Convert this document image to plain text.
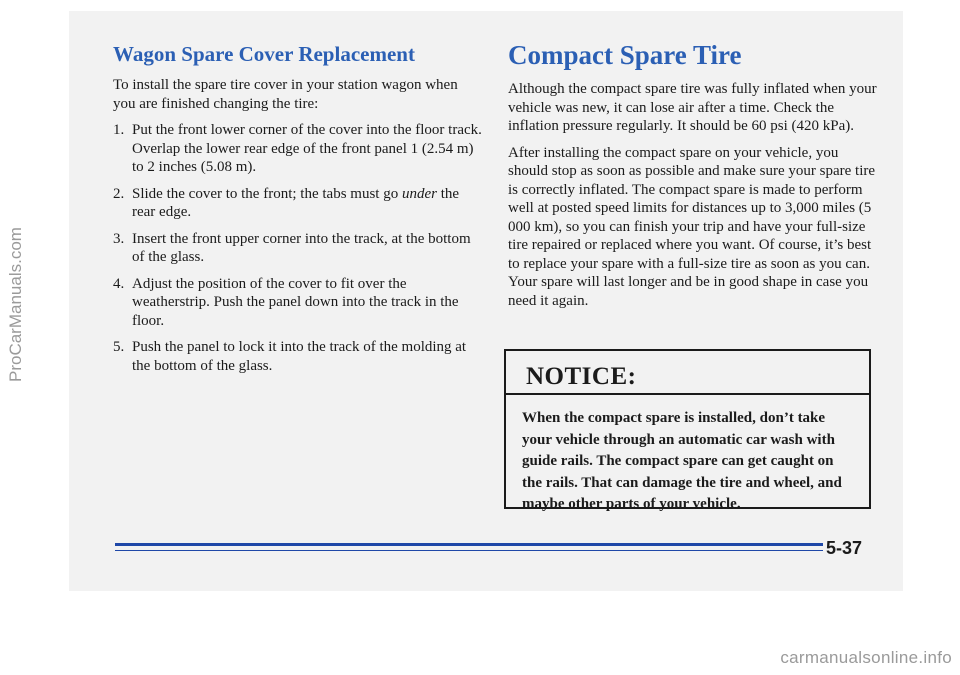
Wagon Spare Cover Replacement

To install the spare tire cover in your station wagon when you are finished changing the tire:

1. Put the front lower corner of the cover into the floor track. Overlap the lower rear edge of the front panel 1 (2.54 m) to 2 inches (5.08 m).
2. Slide the cover to the front; the tabs must go under the rear edge.
3. Insert the front upper corner into the track, at the bottom of the glass.
4. Adjust the position of the cover to fit over the weatherstrip. Push the panel down into the track in the floor.
5. Push the panel to lock it into the track of the molding at the bottom of the glass.
Compact Spare Tire

Although the compact spare tire was fully inflated when your vehicle was new, it can lose air after a time. Check the inflation pressure regularly. It should be 60 psi (420 kPa).

After installing the compact spare on your vehicle, you should stop as soon as possible and make sure your spare tire is correctly inflated. The compact spare is made to perform well at posted speed limits for distances up to 3,000 miles (5 000 km), so you can finish your trip and have your full-size tire repaired or replaced where you want. Of course, it’s best to replace your spare with a full-size tire as soon as you can. Your spare will last longer and be in good shape in case you need it again.

NOTICE:
When the compact spare is installed, don’t take your vehicle through an automatic car wash with guide rails. The compact spare can get caught on the rails. That can damage the tire and wheel, and maybe other parts of your vehicle.
5-37
ProCarManuals.com
carmanualsonline.info
